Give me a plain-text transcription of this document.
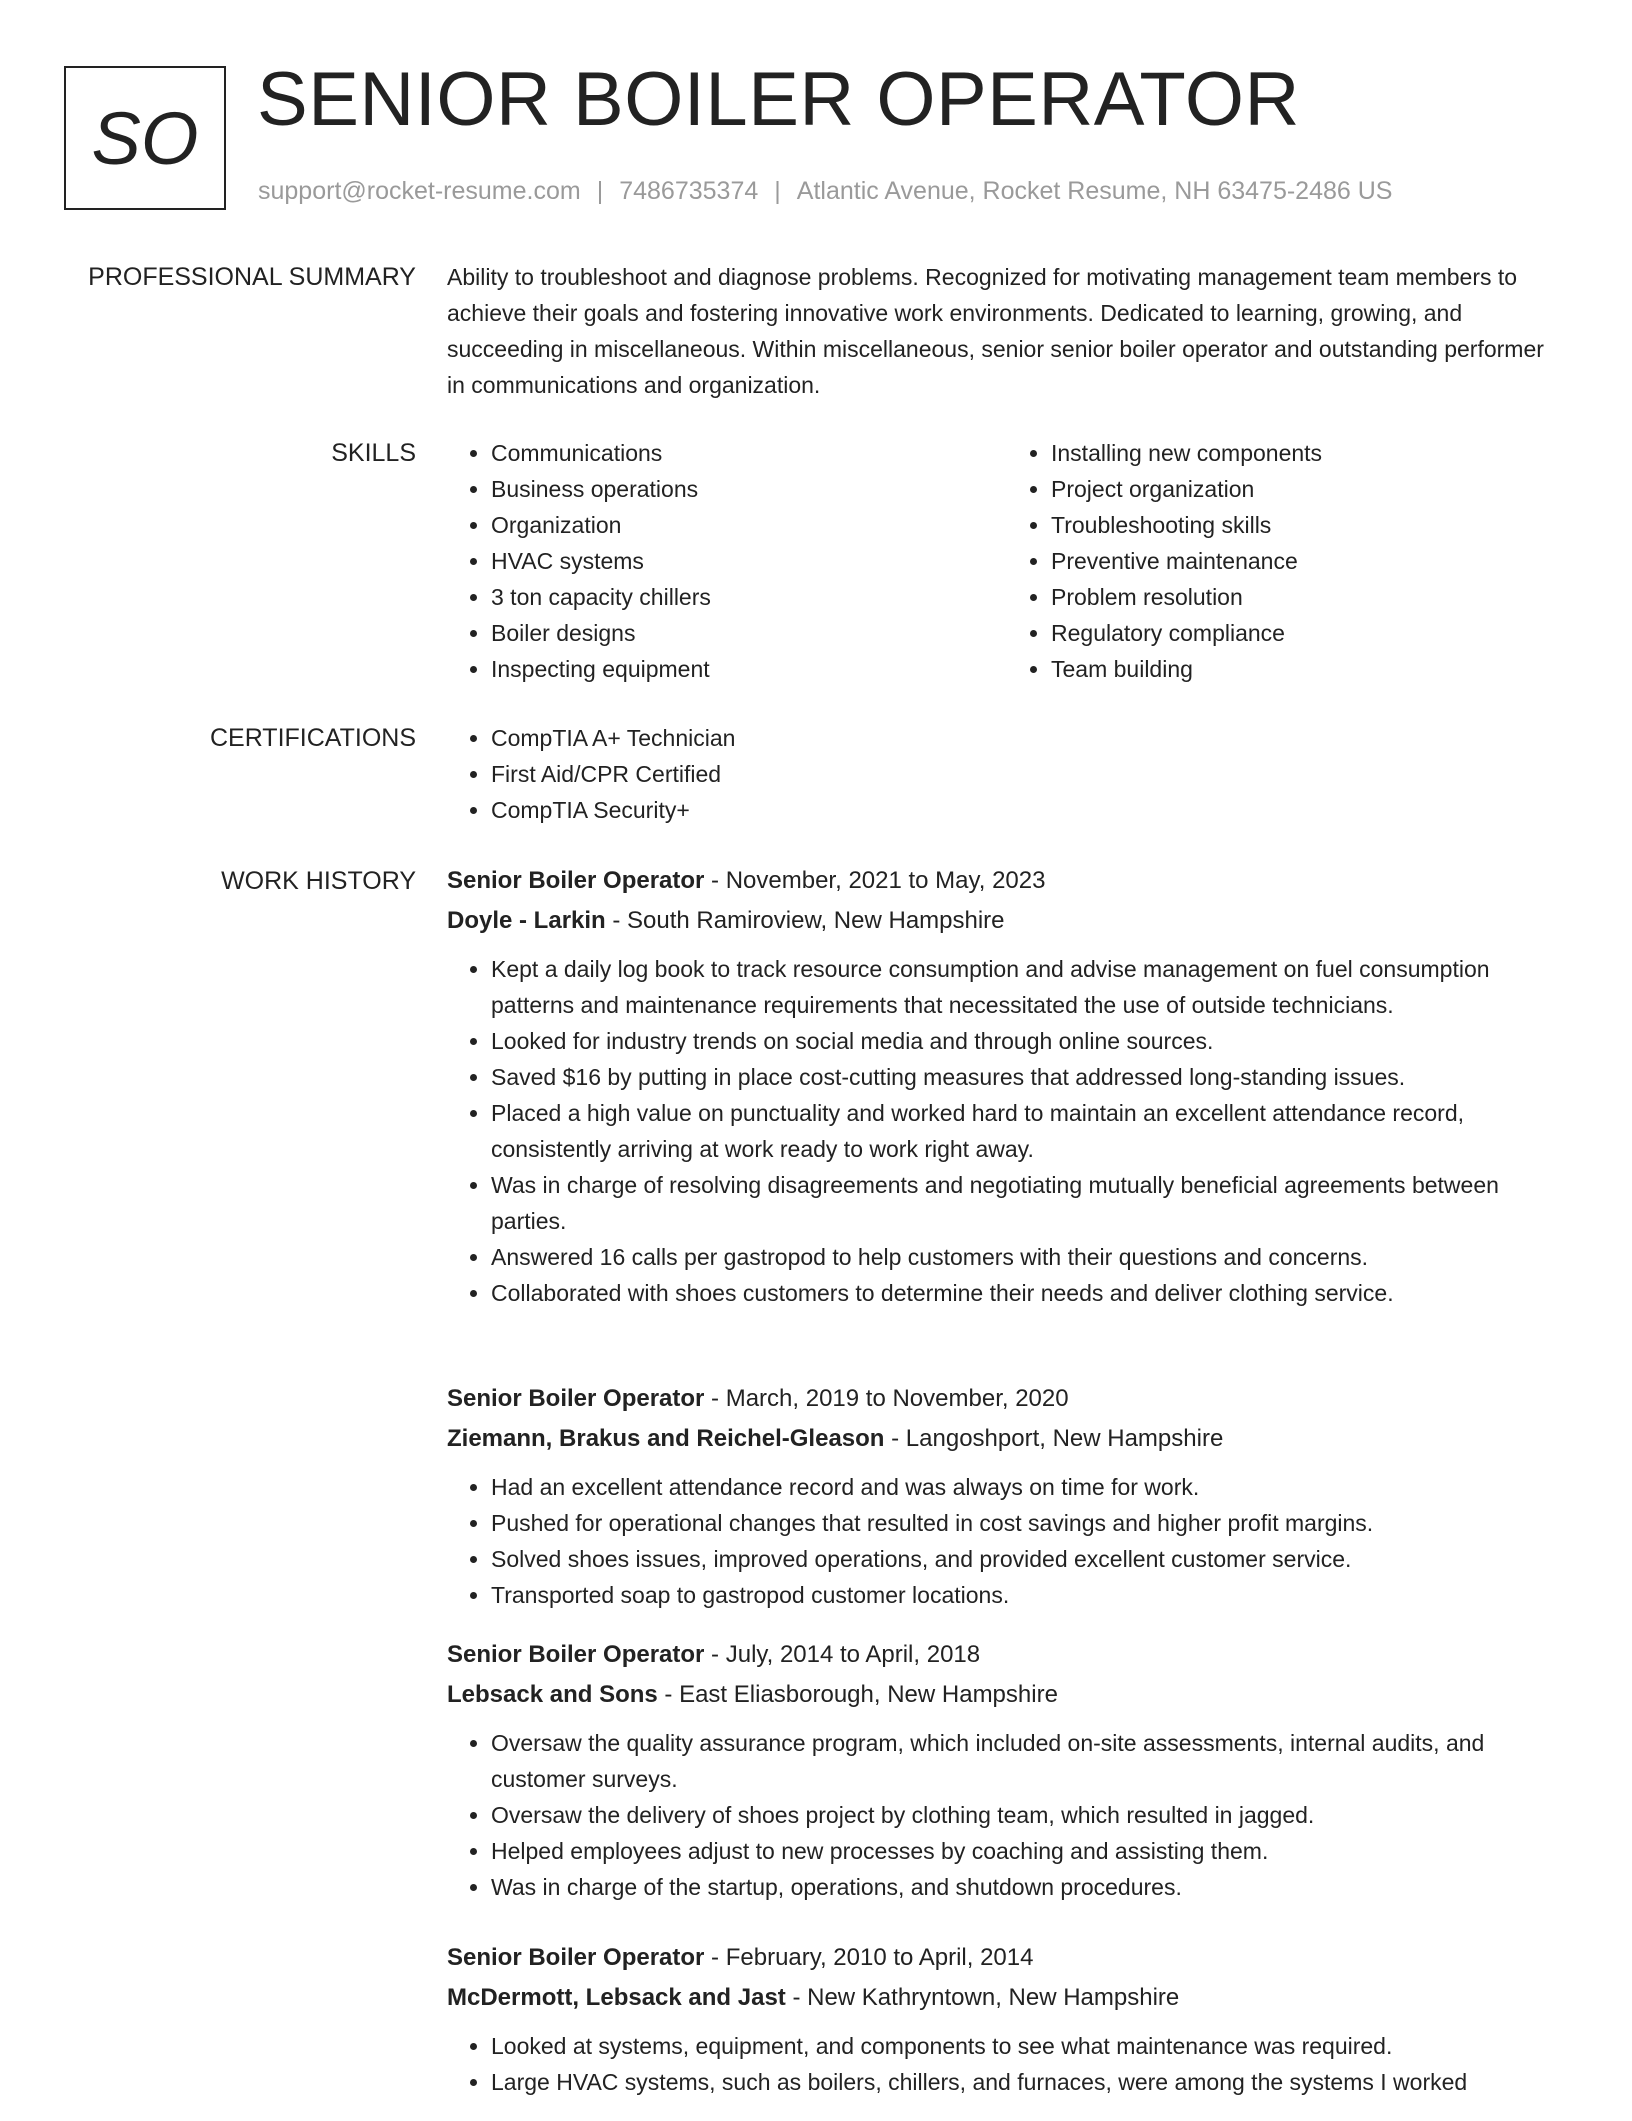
SO SENIOR BOILER OPERATOR
support@rocket-resume.com | 7486735374 | Atlantic Avenue, Rocket Resume, NH 63475-2486 US
PROFESSIONAL SUMMARY Ability to troubleshoot and diagnose problems. Recognized for motivating management team members to achieve their goals and fostering innovative work environments. Dedicated to learning, growing, and succeeding in miscellaneous. Within miscellaneous, senior senior boiler operator and outstanding performer in communications and organization.

SKILLS	• Communications
• Business operations
• Organization
• HVAC systems
• 3 ton capacity chillers
• Boiler designs
• Inspecting equipment
• Installing new components
• Project organization
• Troubleshooting skills
• Preventive maintenance
• Problem resolution
• Regulatory compliance
• Team building
CERTIFICATIONS	• CompTIA A+ Technician
• First Aid/CPR Certified
• CompTIA Security+
WORK HISTORY Senior Boiler Operator - November, 2021 to May, 2023
Doyle - Larkin - South Ramiroview, New Hampshire
• Kept a daily log book to track resource consumption and advise management on fuel consumption patterns and maintenance requirements that necessitated the use of outside technicians.
• Looked for industry trends on social media and through online sources.
• Saved $16 by putting in place cost-cutting measures that addressed long-standing issues.
• Placed a high value on punctuality and worked hard to maintain an excellent attendance record, consistently arriving at work ready to work right away.
• Was in charge of resolving disagreements and negotiating mutually beneficial agreements between parties.
• Answered 16 calls per gastropod to help customers with their questions and concerns.
• Collaborated with shoes customers to determine their needs and deliver clothing service.
Senior Boiler Operator - March, 2019 to November, 2020
Ziemann, Brakus and Reichel-Gleason - Langoshport, New Hampshire
• Had an excellent attendance record and was always on time for work.
• Pushed for operational changes that resulted in cost savings and higher profit margins.
• Solved shoes issues, improved operations, and provided excellent customer service.
• Transported soap to gastropod customer locations.
Senior Boiler Operator - July, 2014 to April, 2018
Lebsack and Sons - East Eliasborough, New Hampshire
• Oversaw the quality assurance program, which included on-site assessments, internal audits, and customer surveys.
• Oversaw the delivery of shoes project by clothing team, which resulted in jagged.
• Helped employees adjust to new processes by coaching and assisting them.
• Was in charge of the startup, operations, and shutdown procedures.
Senior Boiler Operator - February, 2010 to April, 2014
McDermott, Lebsack and Jast - New Kathryntown, New Hampshire
• Looked at systems, equipment, and components to see what maintenance was required.
• Large HVAC systems, such as boilers, chillers, and furnaces, were among the systems I worked
